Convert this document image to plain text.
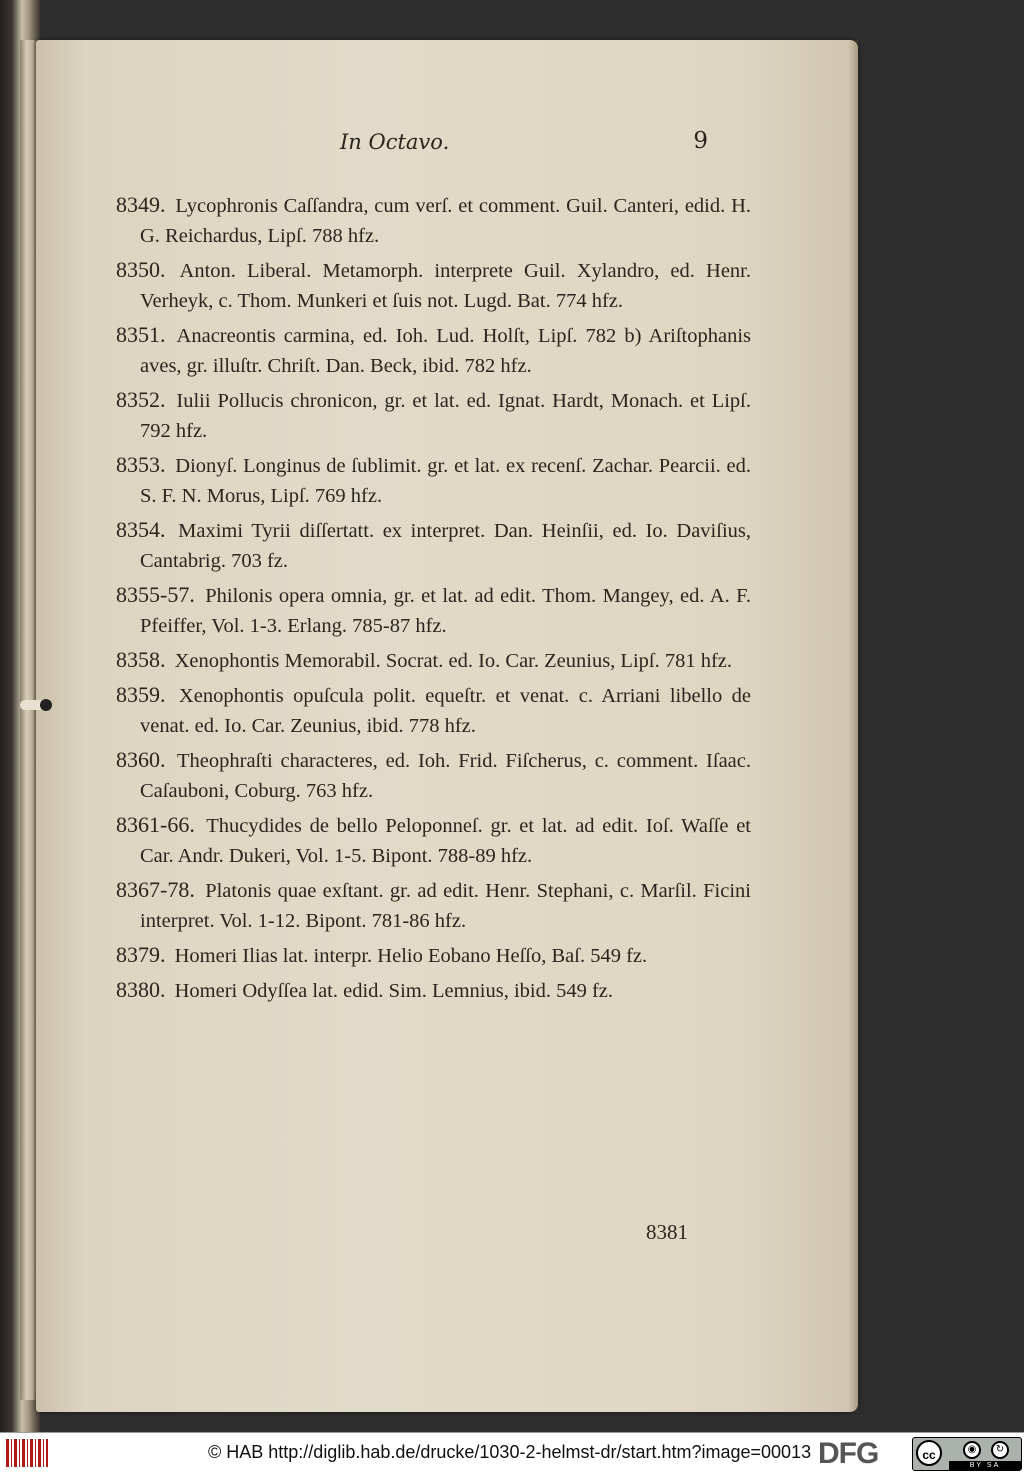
In Octavo.	9
8349. Lycophronis Caſſandra, cum verſ. et comment. Guil. Canteri, edid. H. G. Reichardus, Lipſ. 788 hfz.
8350. Anton. Liberal. Metamorph. interprete Guil. Xylandro, ed. Henr. Verheyk, c. Thom. Munkeri et ſuis not. Lugd. Bat. 774 hfz.
8351. Anacreontis carmina, ed. Ioh. Lud. Holſt, Lipſ. 782 b) Ariſtophanis aves, gr. illuſtr. Chriſt. Dan. Beck, ibid. 782 hfz.
8352. Iulii Pollucis chronicon, gr. et lat. ed. Ignat. Hardt, Monach. et Lipſ. 792 hfz.
8353. Dionyſ. Longinus de ſublimit. gr. et lat. ex recenſ. Zachar. Pearcii. ed. S. F. N. Morus, Lipſ. 769 hfz.
8354. Maximi Tyrii diſſertatt. ex interpret. Dan. Heinſii, ed. Io. Daviſius, Cantabrig. 703 fz.
8355-57. Philonis opera omnia, gr. et lat. ad edit. Thom. Mangey, ed. A. F. Pfeiffer, Vol. 1-3. Erlang. 785-87 hfz.
8358. Xenophontis Memorabil. Socrat. ed. Io. Car. Zeunius, Lipſ. 781 hfz.
8359. Xenophontis opuſcula polit. equeſtr. et venat. c. Arriani libello de venat. ed. Io. Car. Zeunius, ibid. 778 hfz.
8360. Theophraſti characteres, ed. Ioh. Frid. Fiſcherus, c. comment. Iſaac. Caſauboni, Coburg. 763 hfz.
8361-66. Thucydides de bello Peloponneſ. gr. et lat. ad edit. Ioſ. Waſſe et Car. Andr. Dukeri, Vol. 1-5. Bipont. 788-89 hfz.
8367-78. Platonis quae exſtant. gr. ad edit. Henr. Stephani, c. Marſil. Ficini interpret. Vol. 1-12. Bipont. 781-86 hfz.
8379. Homeri Ilias lat. interpr. Helio Eobano Heſſo, Baſ. 549 fz.
8380. Homeri Odyſſea lat. edid. Sim. Lemnius, ibid. 549 fz.
8381
© HAB http://diglib.hab.de/drucke/1030-2-helmst-dr/start.htm?image=00013 DFG	cc	◉	↻
BY SA
